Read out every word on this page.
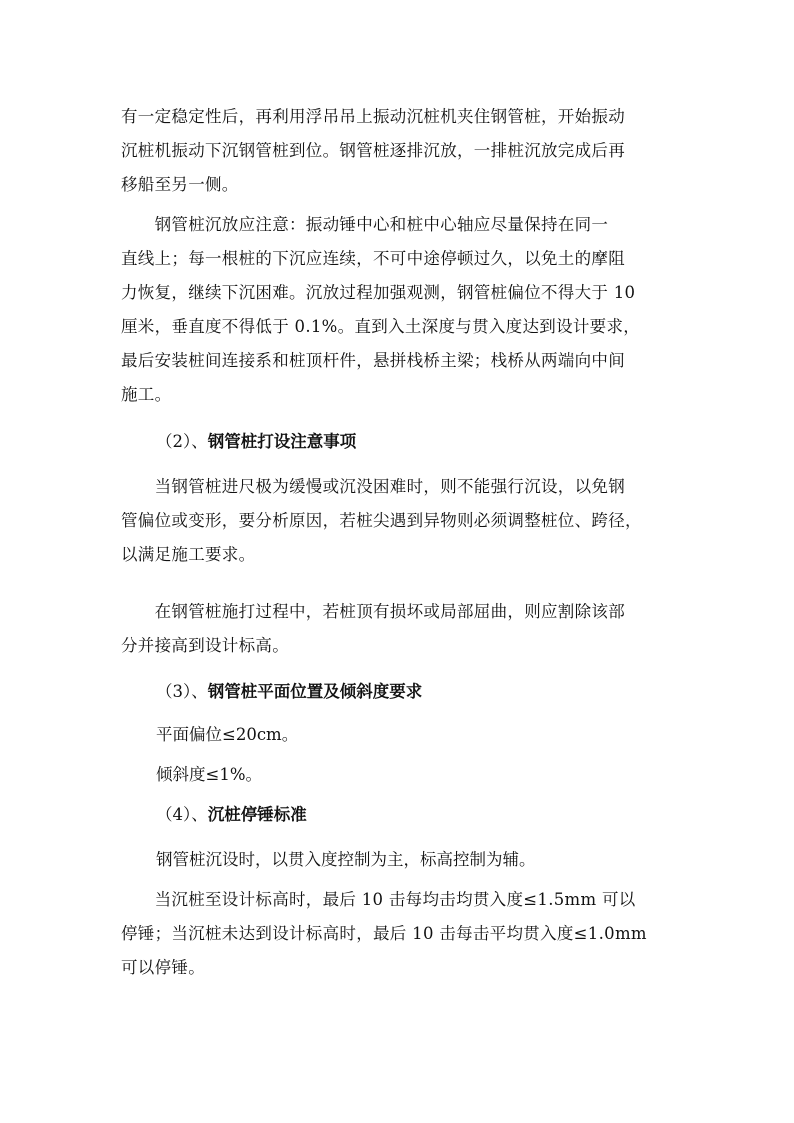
有一定稳定性后，再利用浮吊吊上振动沉桩机夹住钢管桩，开始振动
沉桩机振动下沉钢管桩到位。钢管桩逐排沉放，一排桩沉放完成后再
移船至另一侧。

　　钢管桩沉放应注意：振动锤中心和桩中心轴应尽量保持在同一
直线上；每一根桩的下沉应连续，不可中途停顿过久，以免土的摩阻
力恢复，继续下沉困难。沉放过程加强观测，钢管桩偏位不得大于 10
厘米，垂直度不得低于 0.1%。直到入土深度与贯入度达到设计要求，
最后安装桩间连接系和桩顶杆件，悬拼栈桥主梁；栈桥从两端向中间
施工。

（2）、钢管桩打设注意事项

　　当钢管桩进尺极为缓慢或沉没困难时，则不能强行沉设，以免钢
管偏位或变形，要分析原因，若桩尖遇到异物则必须调整桩位、跨径，
以满足施工要求。

　　在钢管桩施打过程中，若桩顶有损坏或局部屈曲，则应割除该部
分并接高到设计标高。

（3）、钢管桩平面位置及倾斜度要求

平面偏位≤20cm。

倾斜度≤1%。

（4）、沉桩停锤标准

钢管桩沉设时，以贯入度控制为主，标高控制为辅。

　　当沉桩至设计标高时，最后 10 击每均击均贯入度≤1.5mm 可以
停锤；当沉桩未达到设计标高时，最后 10 击每击平均贯入度≤1.0mm
可以停锤。
